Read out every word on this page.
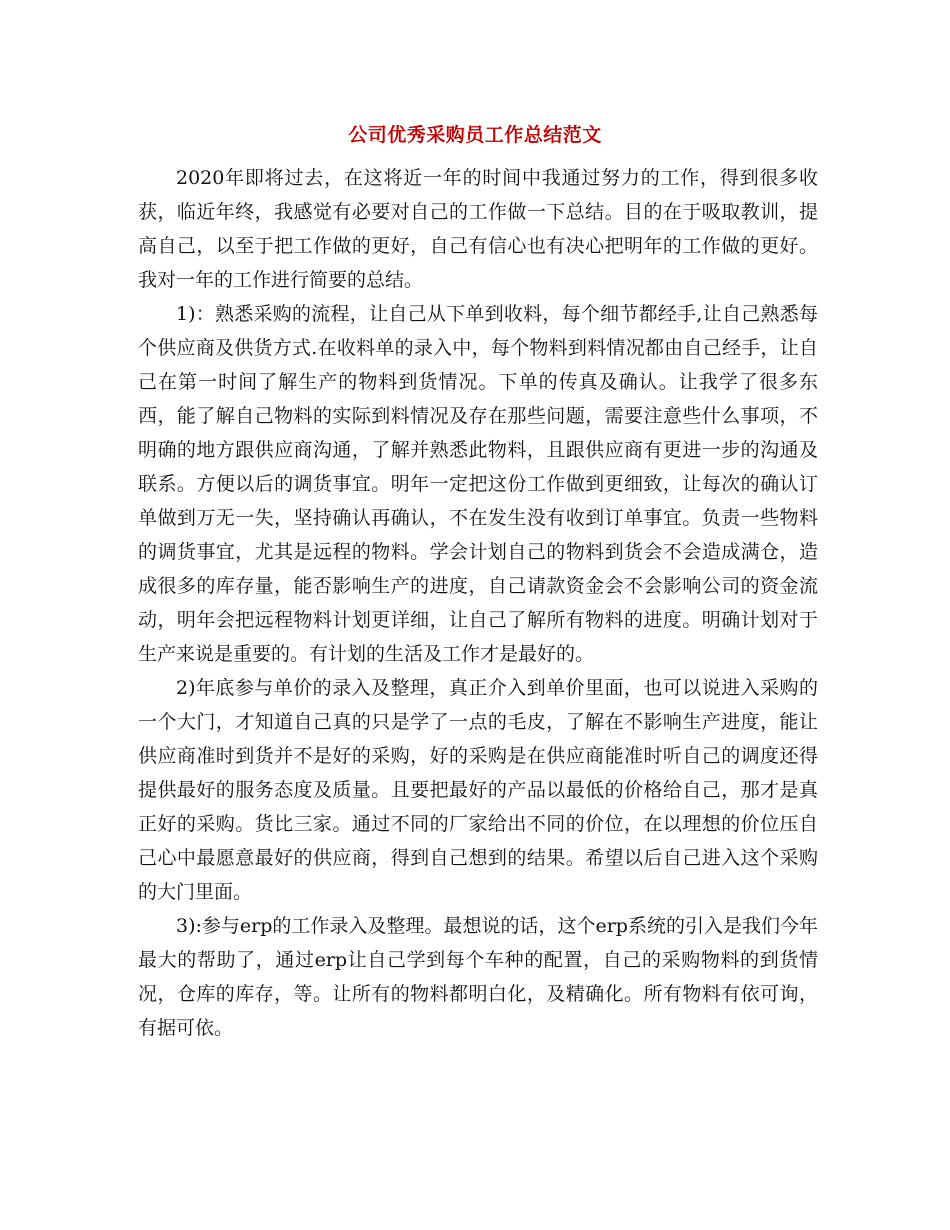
公司优秀采购员工作总结范文

2020年即将过去，在这将近一年的时间中我通过努力的工作，得到很多收获，临近年终，我感觉有必要对自己的工作做一下总结。目的在于吸取教训，提高自己，以至于把工作做的更好，自己有信心也有决心把明年的工作做的更好。我对一年的工作进行简要的总结。

1)：熟悉采购的流程，让自己从下单到收料，每个细节都经手,让自己熟悉每个供应商及供货方式.在收料单的录入中，每个物料到料情况都由自己经手，让自己在第一时间了解生产的物料到货情况。下单的传真及确认。让我学了很多东西，能了解自己物料的实际到料情况及存在那些问题，需要注意些什么事项，不明确的地方跟供应商沟通，了解并熟悉此物料，且跟供应商有更进一步的沟通及联系。方便以后的调货事宜。明年一定把这份工作做到更细致，让每次的确认订单做到万无一失，坚持确认再确认，不在发生没有收到订单事宜。负责一些物料的调货事宜，尤其是远程的物料。学会计划自己的物料到货会不会造成满仓，造成很多的库存量，能否影响生产的进度，自己请款资金会不会影响公司的资金流动，明年会把远程物料计划更详细，让自己了解所有物料的进度。明确计划对于生产来说是重要的。有计划的生活及工作才是最好的。

2)年底参与单价的录入及整理，真正介入到单价里面，也可以说进入采购的一个大门，才知道自己真的只是学了一点的毛皮，了解在不影响生产进度，能让供应商准时到货并不是好的采购，好的采购是在供应商能准时听自己的调度还得提供最好的服务态度及质量。且要把最好的产品以最低的价格给自己，那才是真正好的采购。货比三家。通过不同的厂家给出不同的价位，在以理想的价位压自己心中最愿意最好的供应商，得到自己想到的结果。希望以后自己进入这个采购的大门里面。

3):参与erp的工作录入及整理。最想说的话，这个erp系统的引入是我们今年最大的帮助了，通过erp让自己学到每个车种的配置，自己的采购物料的到货情况，仓库的库存，等。让所有的物料都明白化，及精确化。所有物料有依可询，有据可依。
